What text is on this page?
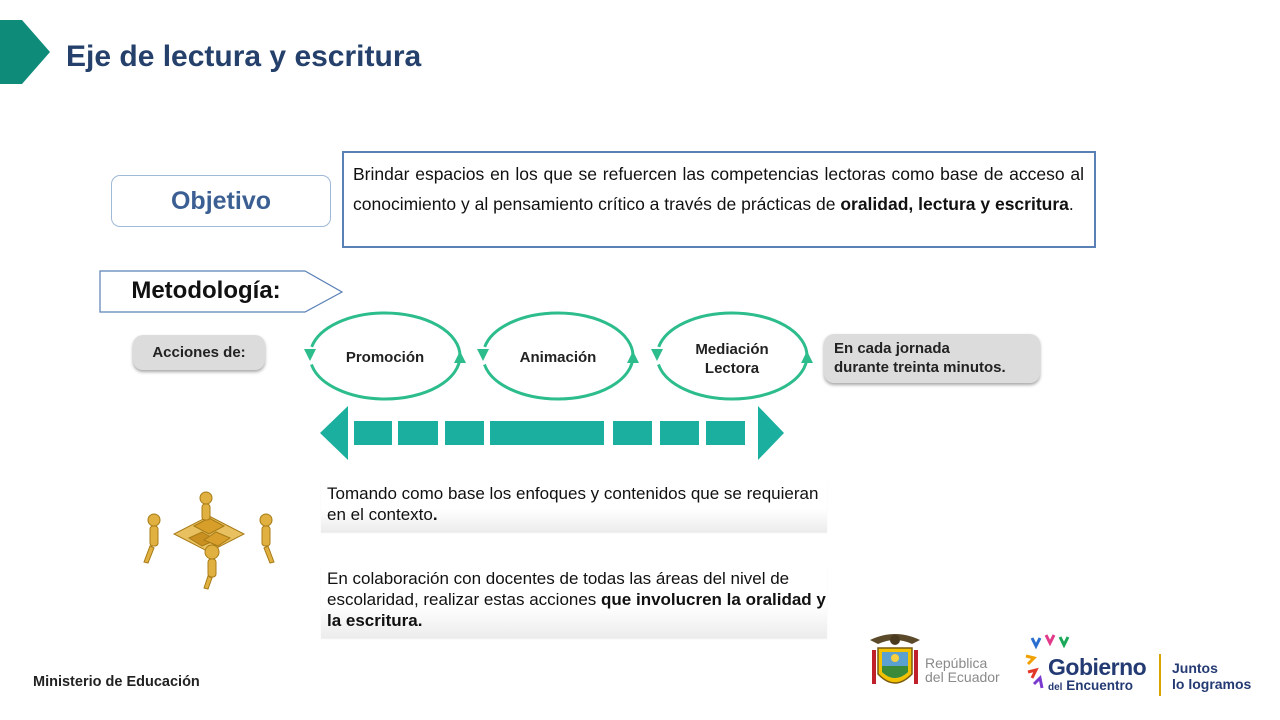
Eje de lectura y escritura
Objetivo
Brindar espacios en los que se refuercen las competencias lectoras como base de acceso al conocimiento y al pensamiento crítico a través de prácticas de oralidad, lectura y escritura.
Metodología:
Acciones de:	Promoción	Animación	Mediación
Lectora
En cada jornada
durante treinta minutos.
Tomando como base los enfoques y contenidos que se requieran en el contexto.
En colaboración con docentes de todas las áreas del nivel de escolaridad, realizar estas acciones que involucren la oralidad y la escritura.
Ministerio de Educación
República
del Ecuador Gobierno
del Encuentro
Juntos
lo logramos
